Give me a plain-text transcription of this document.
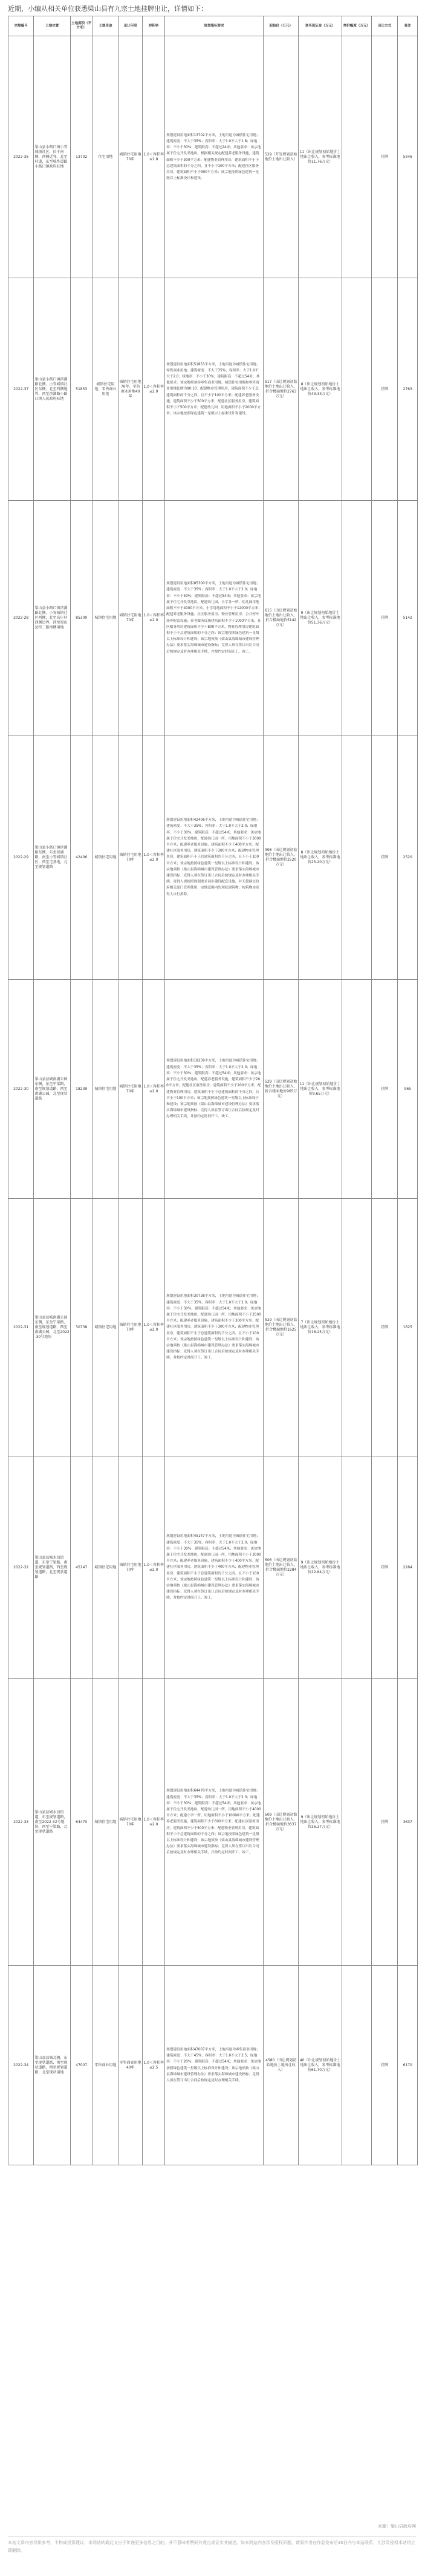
近期，小编从相关单位获悉梁山县有九宗土地挂牌出让，详情如下：
宗地编号	土地位置	土地面积（平方米）	土地用途	出让年限	容积率	规划指标要求	起始价（万元）	竞买保证金（万元）	增价幅度（万元）	出让方式	备注
2022-35	梁山县小路口镇小安城镇社区，位于南侧、西侧近邻，北至村道，东至城乡道路小路口镇政府驻地	13702	住宅用地	城镇住宅用地70年	1.0＜容积率≤1.8	规划建设用地面积13702平方米，土地用途为城镇住宅用地；建筑密度：不大于35%；容积率：大于1.0不大于1.8；绿地率：不小于30%；建筑限高：不超过24米；其他要求：该宗地属于住宅开发类地块，根据相关规定配建养老服务设施，建筑面积不少于300平方米；配建物业管理用房，建筑面积不小于总建筑面积的千分之四，且不小于100平方米；配建社区服务用房，建筑面积不小于300平方米；该宗地按照绿色建筑一星级以上标准设计和建设。	529（开发规划初始地价土地出让收入）	11（出让规划初始地价土地出让收入、参考标准地价11.76万元）		挂牌	5346
2022-37	梁山县小路口镇滨湖路北侧，小安城镇社区东侧，北至西侧地界，西至滨湖路小路口镇人民政府驻地	51853	城镇住宅用地、零售商业用地	城镇住宅用地70年、零售商业用地40年	1.0＜容积率≤2.0	规划建设用地面积51853平方米，土地用途为城镇住宅用地、零售商业用地；建筑密度：不大于35%；容积率：大于1.0不大于2.0；绿地率：不小于30%；建筑限高：不超过54米；其他要求：该宗地须兼容零售商业用地，城镇住宅用地和零售商业用地比例为90:10；配建物业管理用房，建筑面积不少于总建筑面积的千分之四，且不小于100平方米；配建养老服务设施，建筑面积不少于500平方米；配建社区服务用房，建筑面积不小于500平方米；配建幼儿园，用地面积不小于2000平方米；该宗地按照绿色建筑一星级以上标准设计和建设。	517（出让规划初始地价土地出让收入，折合楼面地价2763万元）	8（出让规划初始地价土地出让收入，参考标准地价43.33万元）		挂牌	2763
2022-28	梁山县小路口镇滨湖路北侧，小安城镇社区西侧，北至高庄村西侧边界，西至梁山县纬二路南侧用地	85300	城镇住宅用地	城镇住宅用地70年	1.0＜容积率≤2.0	规划建设用地面积85300平方米，土地用途为城镇住宅用地；建筑密度：不大于35%；容积率：大于1.0不大于2.0；绿地率：不小于30%；建筑限高：不超过54米；其他要求：该宗地属于住宅开发类地块，配建幼儿园、小学各一所，幼儿园用地面积不小于4000平方米，小学用地面积不小于12000平方米；配建养老服务设施、社区服务用房、物业管理用房、公共停车场等配套设施；养老服务设施建筑面积不少于1000平方米，社区服务用房建筑面积不少于800平方米，物业管理用房建筑面积不小于总建筑面积的千分之四；该宗地按照绿色建筑一星级以上标准设计和建设；该宗地须按《梁山县海绵城市建设管理办法》要求落实海绵城市建设指标；竞得人须在签订出让合同后按规定及时办理相关手续，并按约定时间开工、竣工。	615（出让规划初始地价土地出让收入，折合楼面地价5142万元）	9（出让规划初始地价土地出让收入，参考标准地价51.36万元）		挂牌	5142
2022-29	梁山县小路口镇滨湖路东侧，东至滨湖路，南至小安城镇社区，西至宅基地，北至规划道路	42406	城镇住宅用地	城镇住宅用地70年	1.0＜容积率≤2.0	规划建设用地面积42406平方米，土地用途为城镇住宅用地；建筑密度：不大于35%；容积率：大于1.0不大于2.0；绿地率：不小于30%；建筑限高：不超过54米；其他要求：该宗地属于住宅开发类地块，配建幼儿园一所，用地面积不小于3000平方米；配建养老服务设施，建筑面积不少于400平方米；配建社区服务用房，建筑面积不少于300平方米；配建物业管理用房，建筑面积不小于总建筑面积的千分之四，且不小于100平方米；该宗地按照绿色建筑一星级以上标准设计和建设；该宗地须按《梁山县海绵城市建设管理办法》要求落实海绵城市建设指标；竞得人须在签订出让合同后按规定及时办理相关手续；竞得人需按照规划要求同步建设配套设施，并无偿移交政府相关部门管理使用；宗地范围内的现状建筑物、构筑物由竞得人自行拆除。	398（出让规划初始地价土地出让收入，折合楼面地价2520万元）	8（出让规划初始地价土地出让收入，参考标准地价25.20万元）		挂牌	2520
2022-30	梁山县县城南湖公园东侧，东至宁梁路，南至规划道路，西至南湖公园，北至现状道路	18239	城镇住宅用地	城镇住宅用地70年	1.0＜容积率≤2.0	规划建设用地面积18239平方米，土地用途为城镇住宅用地；建筑密度：不大于35%；容积率：大于1.0不大于2.0；绿地率：不小于30%；建筑限高：不超过54米；其他要求：该宗地属于住宅开发类地块，配建养老服务设施，建筑面积不少于200平方米；配建社区服务用房，建筑面积不少于200平方米；配建物业管理用房，建筑面积不小于总建筑面积的千分之四，且不小于100平方米；该宗地按照绿色建筑一星级以上标准设计和建设；该宗地须按《梁山县海绵城市建设管理办法》要求落实海绵城市建设指标；竞得人须在签订出让合同后按规定及时办理相关手续，并按约定时间开工、竣工。	529（出让规划初始地价土地出让收入，折合楼面地价965万元）	11（出让规划初始地价土地出让收入，参考标准地价9.65万元）		挂牌	965
2022-31	梁山县县城南湖公园东侧，东至宁梁路，南至规划道路，西至南湖公园，北至2022-30号地块	30738	城镇住宅用地	城镇住宅用地70年	1.0＜容积率≤2.0	规划建设用地面积30738平方米，土地用途为城镇住宅用地；建筑密度：不大于35%；容积率：大于1.0不大于2.0；绿地率：不小于30%；建筑限高：不超过54米；其他要求：该宗地属于住宅开发类地块，配建幼儿园一所，用地面积不小于2500平方米；配建养老服务设施，建筑面积不少于300平方米；配建社区服务用房，建筑面积不少于300平方米；配建物业管理用房，建筑面积不小于总建筑面积的千分之四，且不小于100平方米；该宗地按照绿色建筑一星级以上标准设计和建设；该宗地须按《梁山县海绵城市建设管理办法》要求落实海绵城市建设指标；竞得人须在签订出让合同后按规定及时办理相关手续，并按约定时间开工、竣工。	529（出让规划初始地价土地出让收入，折合楼面地价1625万元）	7（出让规划初始地价土地出让收入，参考标准地价16.25万元）		挂牌	1625
2022-32	梁山县县城水泊街道，东至宁梁路，南至规划道路，西至规划道路，北至现状道路	45147	城镇住宅用地	城镇住宅用地70年	1.0＜容积率≤2.0	规划建设用地面积45147平方米，土地用途为城镇住宅用地；建筑密度：不大于35%；容积率：大于1.0不大于2.0；绿地率：不小于30%；建筑限高：不超过54米；其他要求：该宗地属于住宅开发类地块，配建幼儿园一所，用地面积不小于3000平方米；配建养老服务设施，建筑面积不少于400平方米；配建社区服务用房，建筑面积不少于400平方米；配建物业管理用房，建筑面积不小于总建筑面积的千分之四，且不小于100平方米；该宗地按照绿色建筑一星级以上标准设计和建设；该宗地须按《梁山县海绵城市建设管理办法》要求落实海绵城市建设指标；竞得人须在签订出让合同后按规定及时办理相关手续，并按约定时间开工、竣工。	506（出让规划初始地价土地出让收入，折合楼面地价2284万元）	9（出让规划初始地价土地出让收入，参考标准地价22.84万元）		挂牌	2284
2022-33	梁山县县城水泊街道，东至规划道路，南至2022-32号地块，西至宁梁路，北至现状道路	64470	城镇住宅用地	城镇住宅用地70年	1.0＜容积率≤2.0	规划建设用地面积64470平方米，土地用途为城镇住宅用地；建筑密度：不大于35%；容积率：大于1.0不大于2.0；绿地率：不小于30%；建筑限高：不超过54米；其他要求：该宗地属于住宅开发类地块，配建幼儿园一所，用地面积不小于4000平方米；配建小学一所，用地面积不小于10000平方米；配建养老服务设施，建筑面积不少于600平方米；配建社区服务用房，建筑面积不少于500平方米；配建物业管理用房，建筑面积不小于总建筑面积的千分之四；该宗地按照绿色建筑一星级以上标准设计和建设；该宗地须按《梁山县海绵城市建设管理办法》要求落实海绵城市建设指标；竞得人须在签订出让合同后按规定及时办理相关手续，并按约定时间开工、竣工。	509（出让规划初始地价土地出让收入，折合楼面地价3637万元）	9（出让规划初始地价土地出让收入，参考标准地价36.37万元）		挂牌	3637
2022-34	梁山县县城北侧，东至现状道路，南至现状道路，西至规划道路，北至现状用地	47007	零售商业用地	零售商业用地40年	1.0＜容积率≤2.5	规划建设用地面积47007平方米，土地用途为零售商业用地；建筑密度：不大于45%；容积率：大于1.0不大于2.5；绿地率：不小于20%；建筑限高：不超过54米；其他要求：该宗地按照绿色建筑一星级以上标准设计和建设；该宗地须按《梁山县海绵城市建设管理办法》要求落实海绵城市建设指标；竞得人须在签订出让合同后按规定及时办理相关手续。	4580（出让规划初始地价土地出让收入）	40（出让规划初始地价土地出让收入，参考标准地价61.70万元）		挂牌	6170
来源：梁山县政府网
本站文章内容仅供参考，不构成投资建议；本网站转载此文出于传递更多信息之目的，并不意味着赞同其观点或证实其描述。如本网站内容涉及版权问题，请原作者在作品发布后30日内与本站联系，凡涉及侵权本站将立即删除。
